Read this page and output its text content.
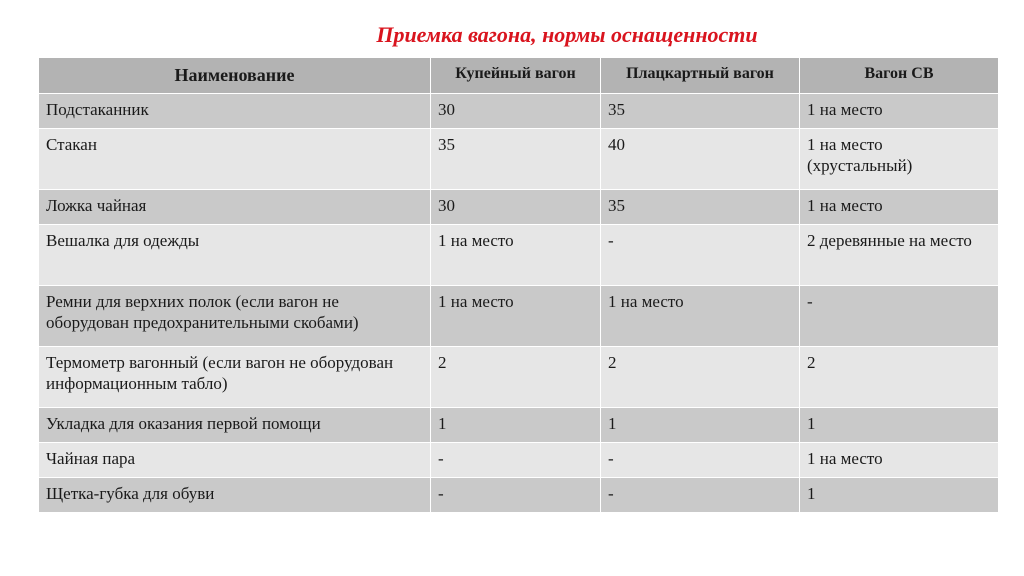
Приемка вагона, нормы оснащенности
Наименование	Купейный вагон	Плацкартный вагон	Вагон СВ
Подстаканник	30	35	1 на место
Стакан	35	40	1 на место (хрустальный)
Ложка чайная	30	35	1 на место
Вешалка для одежды	1 на место	-	2 деревянные на место
Ремни для верхних полок (если вагон не оборудован предохранительными скобами)	1 на место	1 на место	-
Термометр вагонный (если вагон не оборудован информационным табло)	2	2	2
Укладка для оказания первой помощи	1	1	1
Чайная пара	-	-	1 на место
Щетка-губка для обуви	-	-	1
